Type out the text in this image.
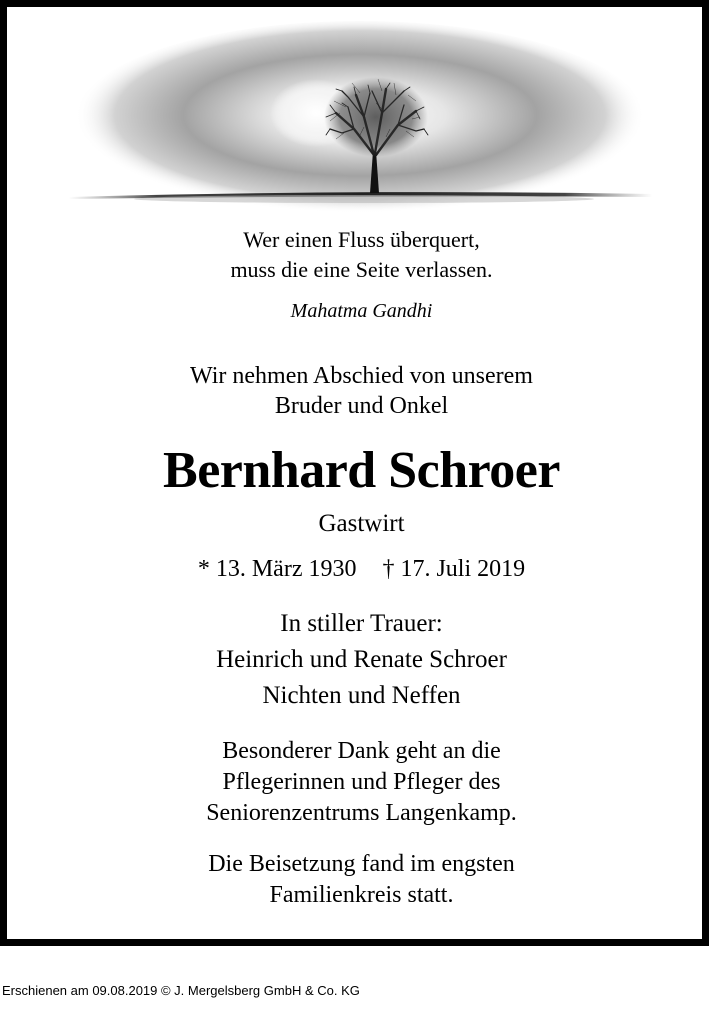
Wer einen Fluss überquert,
muss die eine Seite verlassen.
Mahatma Gandhi
Wir nehmen Abschied von unserem
Bruder und Onkel
Bernhard Schroer
Gastwirt
* 13. März 1930 † 17. Juli 2019
In stiller Trauer:
Heinrich und Renate Schroer
Nichten und Neffen
Besonderer Dank geht an die
Pflegerinnen und Pfleger des
Seniorenzentrums Langenkamp.
Die Beisetzung fand im engsten
Familienkreis statt.
Erschienen am 09.08.2019 © J. Mergelsberg GmbH & Co. KG
